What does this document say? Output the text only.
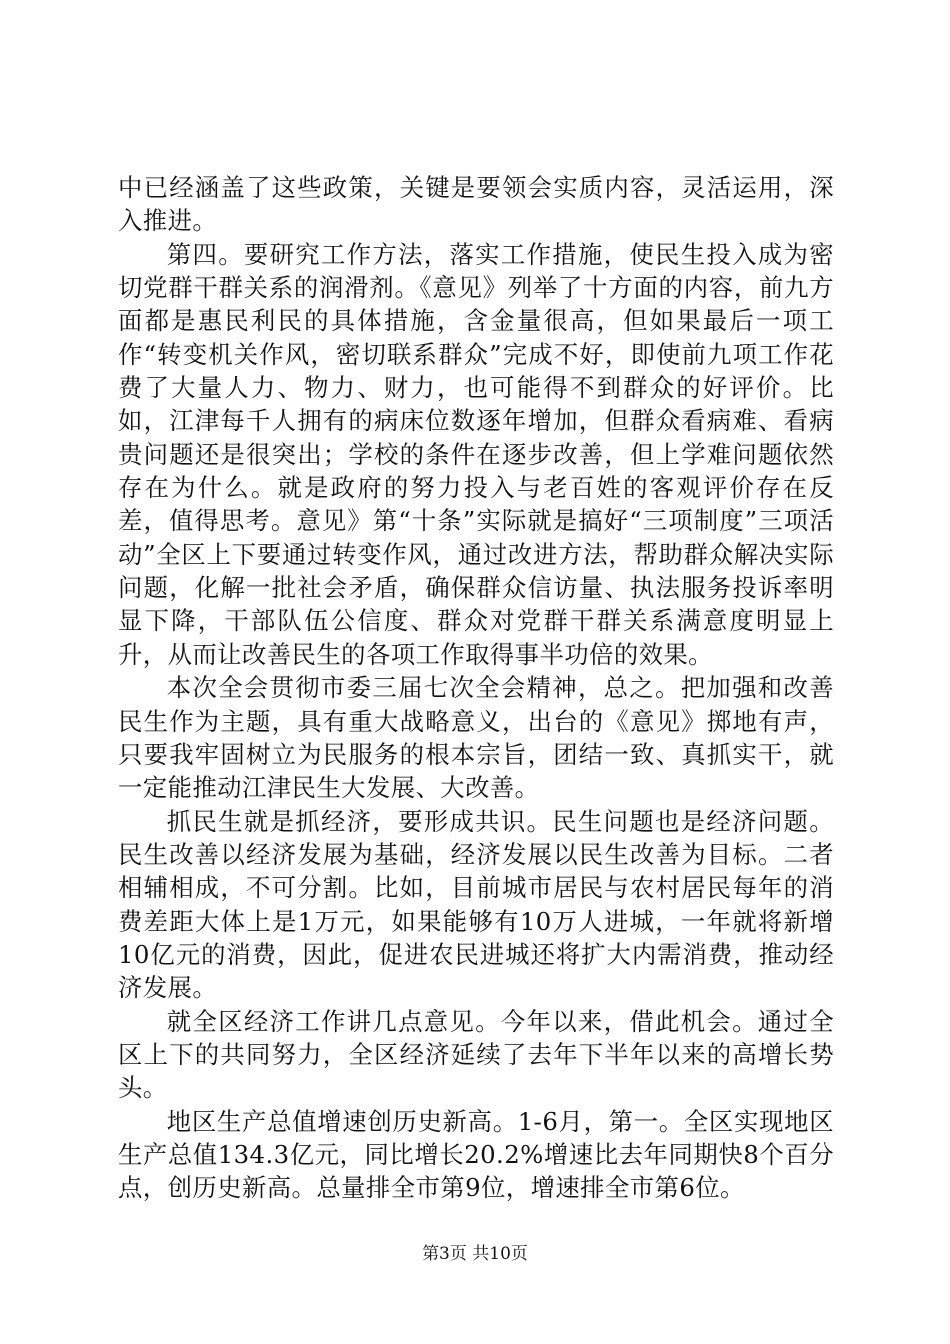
中已经涵盖了这些政策，关键是要领会实质内容，灵活运用，深入推进。

第四。要研究工作方法，落实工作措施，使民生投入成为密切党群干群关系的润滑剂。《意见》列举了十方面的内容，前九方面都是惠民利民的具体措施，含金量很高，但如果最后一项工作“转变机关作风，密切联系群众”完成不好，即使前九项工作花费了大量人力、物力、财力，也可能得不到群众的好评价。比如，江津每千人拥有的病床位数逐年增加，但群众看病难、看病贵问题还是很突出；学校的条件在逐步改善，但上学难问题依然存在为什么。就是政府的努力投入与老百姓的客观评价存在反差，值得思考。意见》第“十条”实际就是搞好“三项制度”三项活动”全区上下要通过转变作风，通过改进方法，帮助群众解决实际问题，化解一批社会矛盾，确保群众信访量、执法服务投诉率明显下降，干部队伍公信度、群众对党群干群关系满意度明显上升，从而让改善民生的各项工作取得事半功倍的效果。

本次全会贯彻市委三届七次全会精神，总之。把加强和改善民生作为主题，具有重大战略意义，出台的《意见》掷地有声，只要我牢固树立为民服务的根本宗旨，团结一致、真抓实干，就一定能推动江津民生大发展、大改善。

抓民生就是抓经济，要形成共识。民生问题也是经济问题。民生改善以经济发展为基础，经济发展以民生改善为目标。二者相辅相成，不可分割。比如，目前城市居民与农村居民每年的消费差距大体上是1万元，如果能够有10万人进城，一年就将新增10亿元的消费，因此，促进农民进城还将扩大内需消费，推动经济发展。

就全区经济工作讲几点意见。今年以来，借此机会。通过全区上下的共同努力，全区经济延续了去年下半年以来的高增长势头。

地区生产总值增速创历史新高。1-6月，第一。全区实现地区生产总值134.3亿元，同比增长20.2%增速比去年同期快8个百分点，创历史新高。总量排全市第9位，增速排全市第6位。

第3页 共10页
